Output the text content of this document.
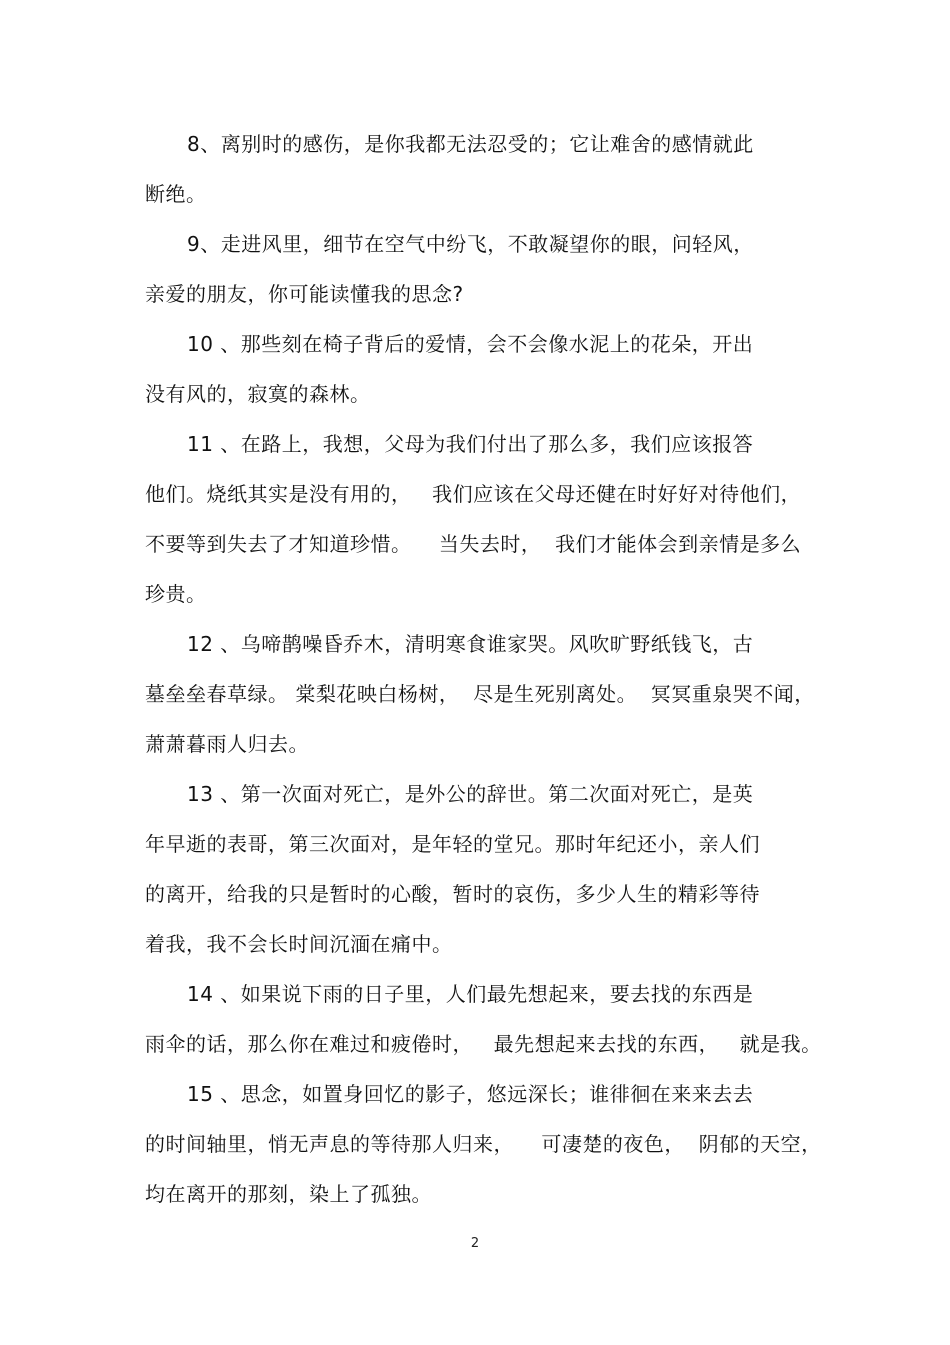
8、离别时的感伤，是你我都无法忍受的；它让难舍的感情就此
断绝。
9、走进风里，细节在空气中纷飞，不敢凝望你的眼，问轻风，
亲爱的朋友，你可能读懂我的思念?
10 、那些刻在椅子背后的爱情，会不会像水泥上的花朵，开出
没有风的，寂寞的森林。
11 、在路上，我想，父母为我们付出了那么多，我们应该报答
他们。烧纸其实是没有用的，   我们应该在父母还健在时好好对待他们，
不要等到失去了才知道珍惜。    当失去时，  我们才能体会到亲情是多么
珍贵。
12 、乌啼鹊噪昏乔木，清明寒食谁家哭。风吹旷野纸钱飞，古
墓垒垒春草绿。 棠梨花映白杨树，  尽是生死别离处。  冥冥重泉哭不闻，
萧萧暮雨人归去。
13 、第一次面对死亡，是外公的辞世。第二次面对死亡，是英
年早逝的表哥，第三次面对，是年轻的堂兄。那时年纪还小，亲人们
的离开，给我的只是暂时的心酸，暂时的哀伤，多少人生的精彩等待
着我，我不会长时间沉湎在痛中。
14 、如果说下雨的日子里，人们最先想起来，要去找的东西是
雨伞的话，那么你在难过和疲倦时，   最先想起来去找的东西，   就是我。
15 、思念，如置身回忆的影子，悠远深长；谁徘徊在来来去去
的时间轴里，悄无声息的等待那人归来，    可凄楚的夜色，  阴郁的天空，
均在离开的那刻，染上了孤独。
2
